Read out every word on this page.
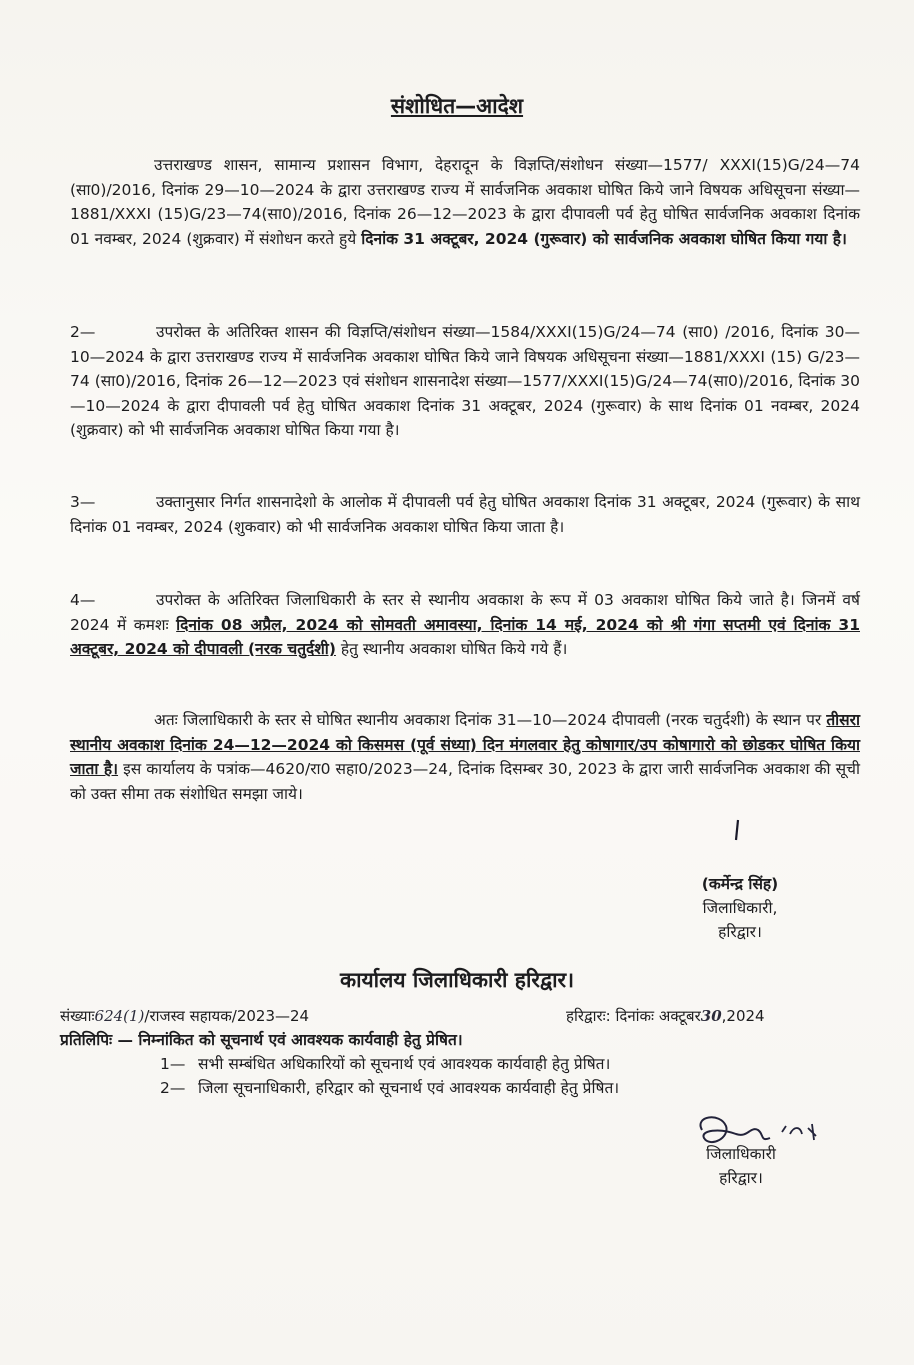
संशोधित—आदेश
उत्तराखण्ड शासन, सामान्य प्रशासन विभाग, देहरादून के विज्ञप्ति/संशोधन संख्या—1577/ XXXI(15)G/24—74 (सा0)/2016, दिनांक 29—10—2024 के द्वारा उत्तराखण्ड राज्य में सार्वजनिक अवकाश घोषित किये जाने विषयक अधिसूचना संख्या—1881/XXXI (15)G/23—74(सा0)/2016, दिनांक 26—12—2023 के द्वारा दीपावली पर्व हेतु घोषित सार्वजनिक अवकाश दिनांक 01 नवम्बर, 2024 (शुक्रवार) में संशोधन करते हुये दिनांक 31 अक्टूबर, 2024 (गुरूवार) को सार्वजनिक अवकाश घोषित किया गया है।
2—	उपरोक्त के अतिरिक्त शासन की विज्ञप्ति/संशोधन संख्या—1584/XXXI(15)G/24—74 (सा0) /2016, दिनांक 30—10—2024 के द्वारा उत्तराखण्ड राज्य में सार्वजनिक अवकाश घोषित किये जाने विषयक अधिसूचना संख्या—1881/XXXI (15) G/23—74 (सा0)/2016, दिनांक 26—12—2023 एवं संशोधन शासनादेश संख्या—1577/XXXI(15)G/24—74(सा0)/2016, दिनांक 30—10—2024 के द्वारा दीपावली पर्व हेतु घोषित अवकाश दिनांक 31 अक्टूबर, 2024 (गुरूवार) के साथ दिनांक 01 नवम्बर, 2024 (शुक्रवार) को भी सार्वजनिक अवकाश घोषित किया गया है।
3—	उक्तानुसार निर्गत शासनादेशो के आलोक में दीपावली पर्व हेतु घोषित अवकाश दिनांक 31 अक्टूबर, 2024 (गुरूवार) के साथ दिनांक 01 नवम्बर, 2024 (शुकवार) को भी सार्वजनिक अवकाश घोषित किया जाता है।
4—	उपरोक्त के अतिरिक्त जिलाधिकारी के स्तर से स्थानीय अवकाश के रूप में 03 अवकाश घोषित किये जाते है। जिनमें वर्ष 2024 में कमशः दिनांक 08 अप्रैल, 2024 को सोमवती अमावस्या, दिनांक 14 मई, 2024 को श्री गंगा सप्तमी एवं दिनांक 31 अक्टूबर, 2024 को दीपावली (नरक चतुर्दशी) हेतु स्थानीय अवकाश घोषित किये गये हैं।
अतः जिलाधिकारी के स्तर से घोषित स्थानीय अवकाश दिनांक 31—10—2024 दीपावली (नरक चतुर्दशी) के स्थान पर तीसरा स्थानीय अवकाश दिनांक 24—12—2024 को किसमस (पूर्व संध्या) दिन मंगलवार हेतु कोषागार/उप कोषागारो को छोडकर घोषित किया जाता है। इस कार्यालय के पत्रांक—4620/रा0 सहा0/2023—24, दिनांक दिसम्बर 30, 2023 के द्वारा जारी सार्वजनिक अवकाश की सूची को उक्त सीमा तक संशोधित समझा जाये।
(कर्मेन्द्र सिंह)
जिलाधिकारी,
हरिद्वार।
कार्यालय जिलाधिकारी हरिद्वार।
संख्याः624(1)/राजस्व सहायक/2023—24	हरिद्वारः: दिनांकः अक्टूबर30,2024
प्रतिलिपिः — निम्नांकित को सूचनार्थ एवं आवश्यक कार्यवाही हेतु प्रेषित।
1— सभी सम्बंधित अधिकारियों को सूचनार्थ एवं आवश्यक कार्यवाही हेतु प्रेषित।
2— जिला सूचनाधिकारी, हरिद्वार को सूचनार्थ एवं आवश्यक कार्यवाही हेतु प्रेषित।
जिलाधिकारी
हरिद्वार।
